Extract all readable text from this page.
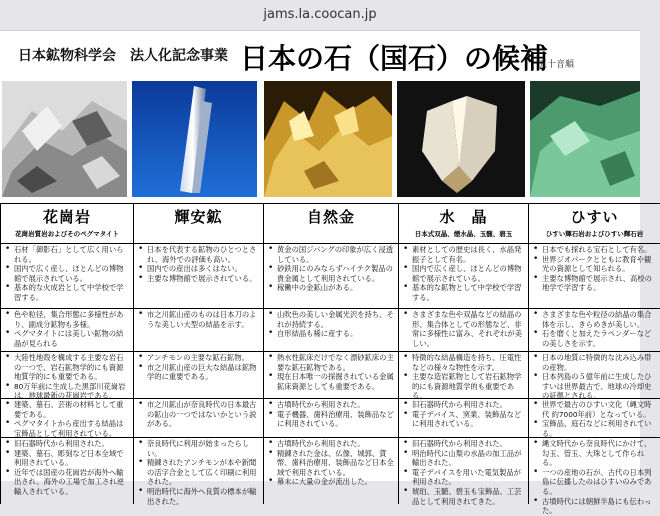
jams.la.coocan.jp
日本鉱物科学会　法人化記念事業 日本の石（国石）の候補
五十音順
花崗岩
花崗岩質岩およびそのペグマタイト
輝安鉱	自然金	水　晶
日本式双晶、煙水晶、玉髄、碧玉
ひすい
ひすい輝石岩およびひすい輝石岩
• 石材「御影石」として広く用いられる。
• 国内で広く産し、ほとんどの博物館で展示されている。
• 基本的な火成岩として中学校で学習する。
• 日本を代表する鉱物のひとつとされ、海外での評価も高い。
• 国内での産出は多くはない。
• 主要な博物館で展示されている。
• 黄金の国ジパングの印象が広く浸透している。
• 砂鉄用にのみならずハイテク製品の貴金属として利用されている。
• 稼働中の金鉱山がある。
• 素材としての歴史は長く、水晶発振子として有名。
• 国内で広く産し、ほとんどの博物館で展示されている。
• 基本的な鉱物として中学校で学習する。
• 日本でも採れる宝石として有名。
• 世界ジオパークとともに教育や観光の資源として知られる。
• 主要な博物館で展示され、高校の地学で学習する。
• 色や粒径、集合形態に多様性があり、副成分鉱物も多様。
• ペグマタイトには美しい鉱物の結晶が見られる
• 市之川鉱山産のものは日本刀のような美しい大型の結晶を示す。
• 山吹色の美しい金属光沢を持ち、それが持続する。
• 自形結晶も稀に産する。
• さまざまな色や双晶などの結晶の形、集合体としての形態など、非常に多様性に富み、それぞれが美しい。
• さまざまな色や粒径の結晶の集合体を示し、きらめきが美しい。
• 石を磨くと加えたラペンダーなどの美しさを示す。
• 大陸性地殻を構成する主要な岩石の一つで、岩石鉱物学的にも資源地質学的にも重要である。
• 80万年前に生成した黒部川花崗岩は、地球最新の花崗岩である。
• アンチモンの主要な鉱石鉱物。
• 市之川鉱山産の巨大な結晶は鉱物学的に重要である。
• 熱水性鉱床だけでなく漂砂鉱床の主要な鉱石鉱物である。
• 現在日本唯一の採掘されている金属鉱床資源としても重要である。
• 特徴的な結晶構造を持ち、圧電性などの様々な物性を示す。
• 主要な造岩鉱物として岩石鉱物学的にも資源地質学的も重要である。
• 日本の地質に特徴的な沈み込み帯の産物。
• 日本列島の５億年前に生成したひすいは世界最古で、地球の冷却史の証拠とされる。
• 建築、墓石、芸術の材料として重要である。
• ペグマタイトから産出する結晶は宝飾品として利用されている。
• 市之川鉱山が奈良時代の日本最古の鉱山の一つではないかという説がある。
• 古墳時代から利用された。
• 電子機器、歯科治療用、装飾品などに利用されている。
• 旧石器時代から利用された。
• 電子デバイス、窯業、装飾品などに利用されている。
• 世界で最古のひすい文化（縄文時代 約7000年前）となっている。
• 宝飾品、庭石などに利用されている。
• 旧石器時代から利用された。
• 建築、墓石、彫刻など日本全域で利用されている。
• 近年では国産の花崗岩が海外へ輸出され、海外の工場で加工され逆輸入されている。
• 奈良時代に利用が始まったらしい。
• 精錬されたアンチモンが本や新聞の活字合金として広く印刷に利用された。
• 明治時代に海外へ良質の標本が輸出された。
• 古墳時代から利用された。
• 精錬された金は、仏像、城郭、貨幣、歯科治療用、装飾品など日本全域で利用されている。
• 幕末に大量の金が流出した。
• 旧石器時代から利用された。
• 明治時代に山梨の水晶の加工品が輸出された。
• 電子デバイスを用いた電気製品が利用された。
• 琥珀、玉髄、碧玉も宝飾品、工芸品として利用されてきた。
• 縄文時代から奈良時代にかけて、勾玉、管玉、大珠として作られる。
• 一つの産地の石が、古代の日本列島に伝播したのはひすいのみである。
• 古墳時代には朝鮮半島にも伝わった。
